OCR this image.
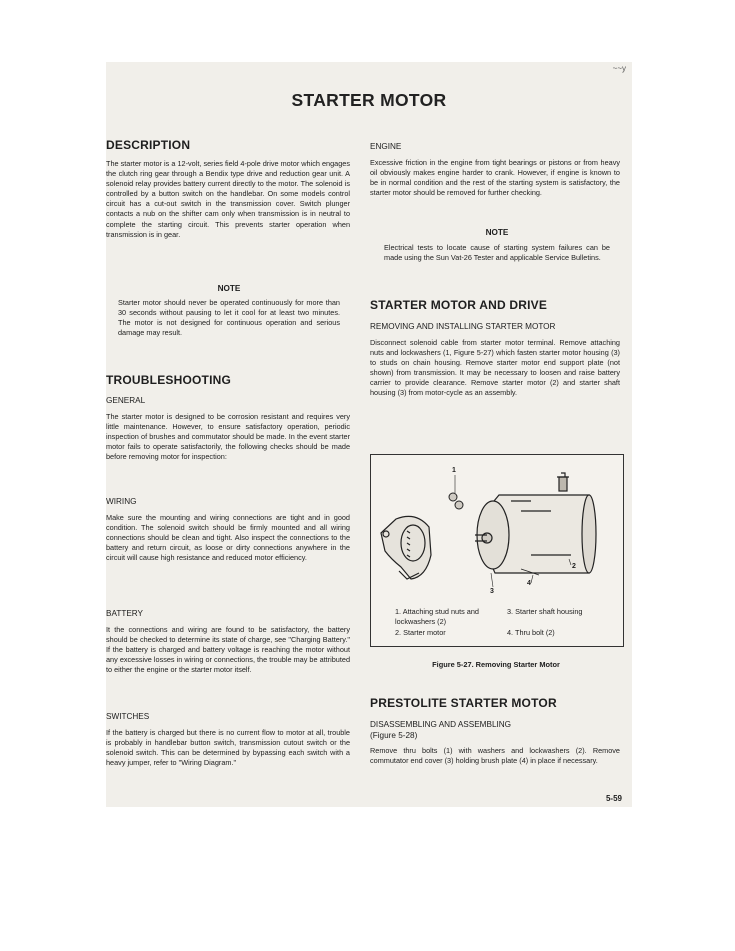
~~y
STARTER MOTOR
DESCRIPTION
The starter motor is a 12-volt, series field 4-pole drive motor which engages the clutch ring gear through a Bendix type drive and reduction gear unit. A solenoid relay provides battery current directly to the motor. The solenoid is controlled by a button switch on the handlebar. On some models control circuit has a cut-out switch in the transmission cover. Switch plunger contacts a nub on the shifter cam only when transmission is in neutral to complete the starting circuit. This prevents starter operation when transmission is in gear.
NOTE
Starter motor should never be operated continuously for more than 30 seconds without pausing to let it cool for at least two minutes. The motor is not designed for continuous operation and serious damage may result.
TROUBLESHOOTING
GENERAL
The starter motor is designed to be corrosion resistant and requires very little maintenance. However, to ensure satisfactory operation, periodic inspection of brushes and commutator should be made. In the event starter motor fails to operate satisfactorily, the following checks should be made before removing motor for inspection:
WIRING
Make sure the mounting and wiring connections are tight and in good condition. The solenoid switch should be firmly mounted and all wiring connections should be clean and tight. Also inspect the connections to the battery and return circuit, as loose or dirty connections anywhere in the circuit will cause high resistance and reduced motor efficiency.
BATTERY
It the connections and wiring are found to be satisfactory, the battery should be checked to determine its state of charge, see "Charging Battery." If the battery is charged and battery voltage is reaching the motor without any excessive losses in wiring or connections, the trouble may be attributed to either the engine or the starter motor itself.
SWITCHES
If the battery is charged but there is no current flow to motor at all, trouble is probably in handlebar button switch, transmission cutout switch or the solenoid switch. This can be determined by bypassing each switch with a heavy jumper, refer to "Wiring Diagram."
ENGINE
Excessive friction in the engine from tight bearings or pistons or from heavy oil obviously makes engine harder to crank. However, if engine is known to be in normal condition and the rest of the starting system is satisfactory, the starter motor should be removed for further checking.
NOTE
Electrical tests to locate cause of starting system failures can be made using the Sun Vat-26 Tester and applicable Service Bulletins.
STARTER MOTOR AND DRIVE
REMOVING AND INSTALLING STARTER MOTOR
Disconnect solenoid cable from starter motor terminal. Remove attaching nuts and lockwashers (1, Figure 5-27) which fasten starter motor housing (3) to studs on chain housing. Remove starter motor end support plate (not shown) from transmission. It may be necessary to loosen and raise battery carrier to provide clearance. Remove starter motor (2) and starter shaft housing (3) from motor-cycle as an assembly.
PRESTOLITE STARTER MOTOR
DISASSEMBLING AND ASSEMBLING
(Figure 5-28)
Remove thru bolts (1) with washers and lockwashers (2). Remove commutator end cover (3) holding brush plate (4) in place if necessary.
1
2
3
4
1. Attaching stud nuts and lockwashers (2)
2. Starter motor
3. Starter shaft housing
4. Thru bolt (2)
Figure 5-27. Removing Starter Motor
5-59
